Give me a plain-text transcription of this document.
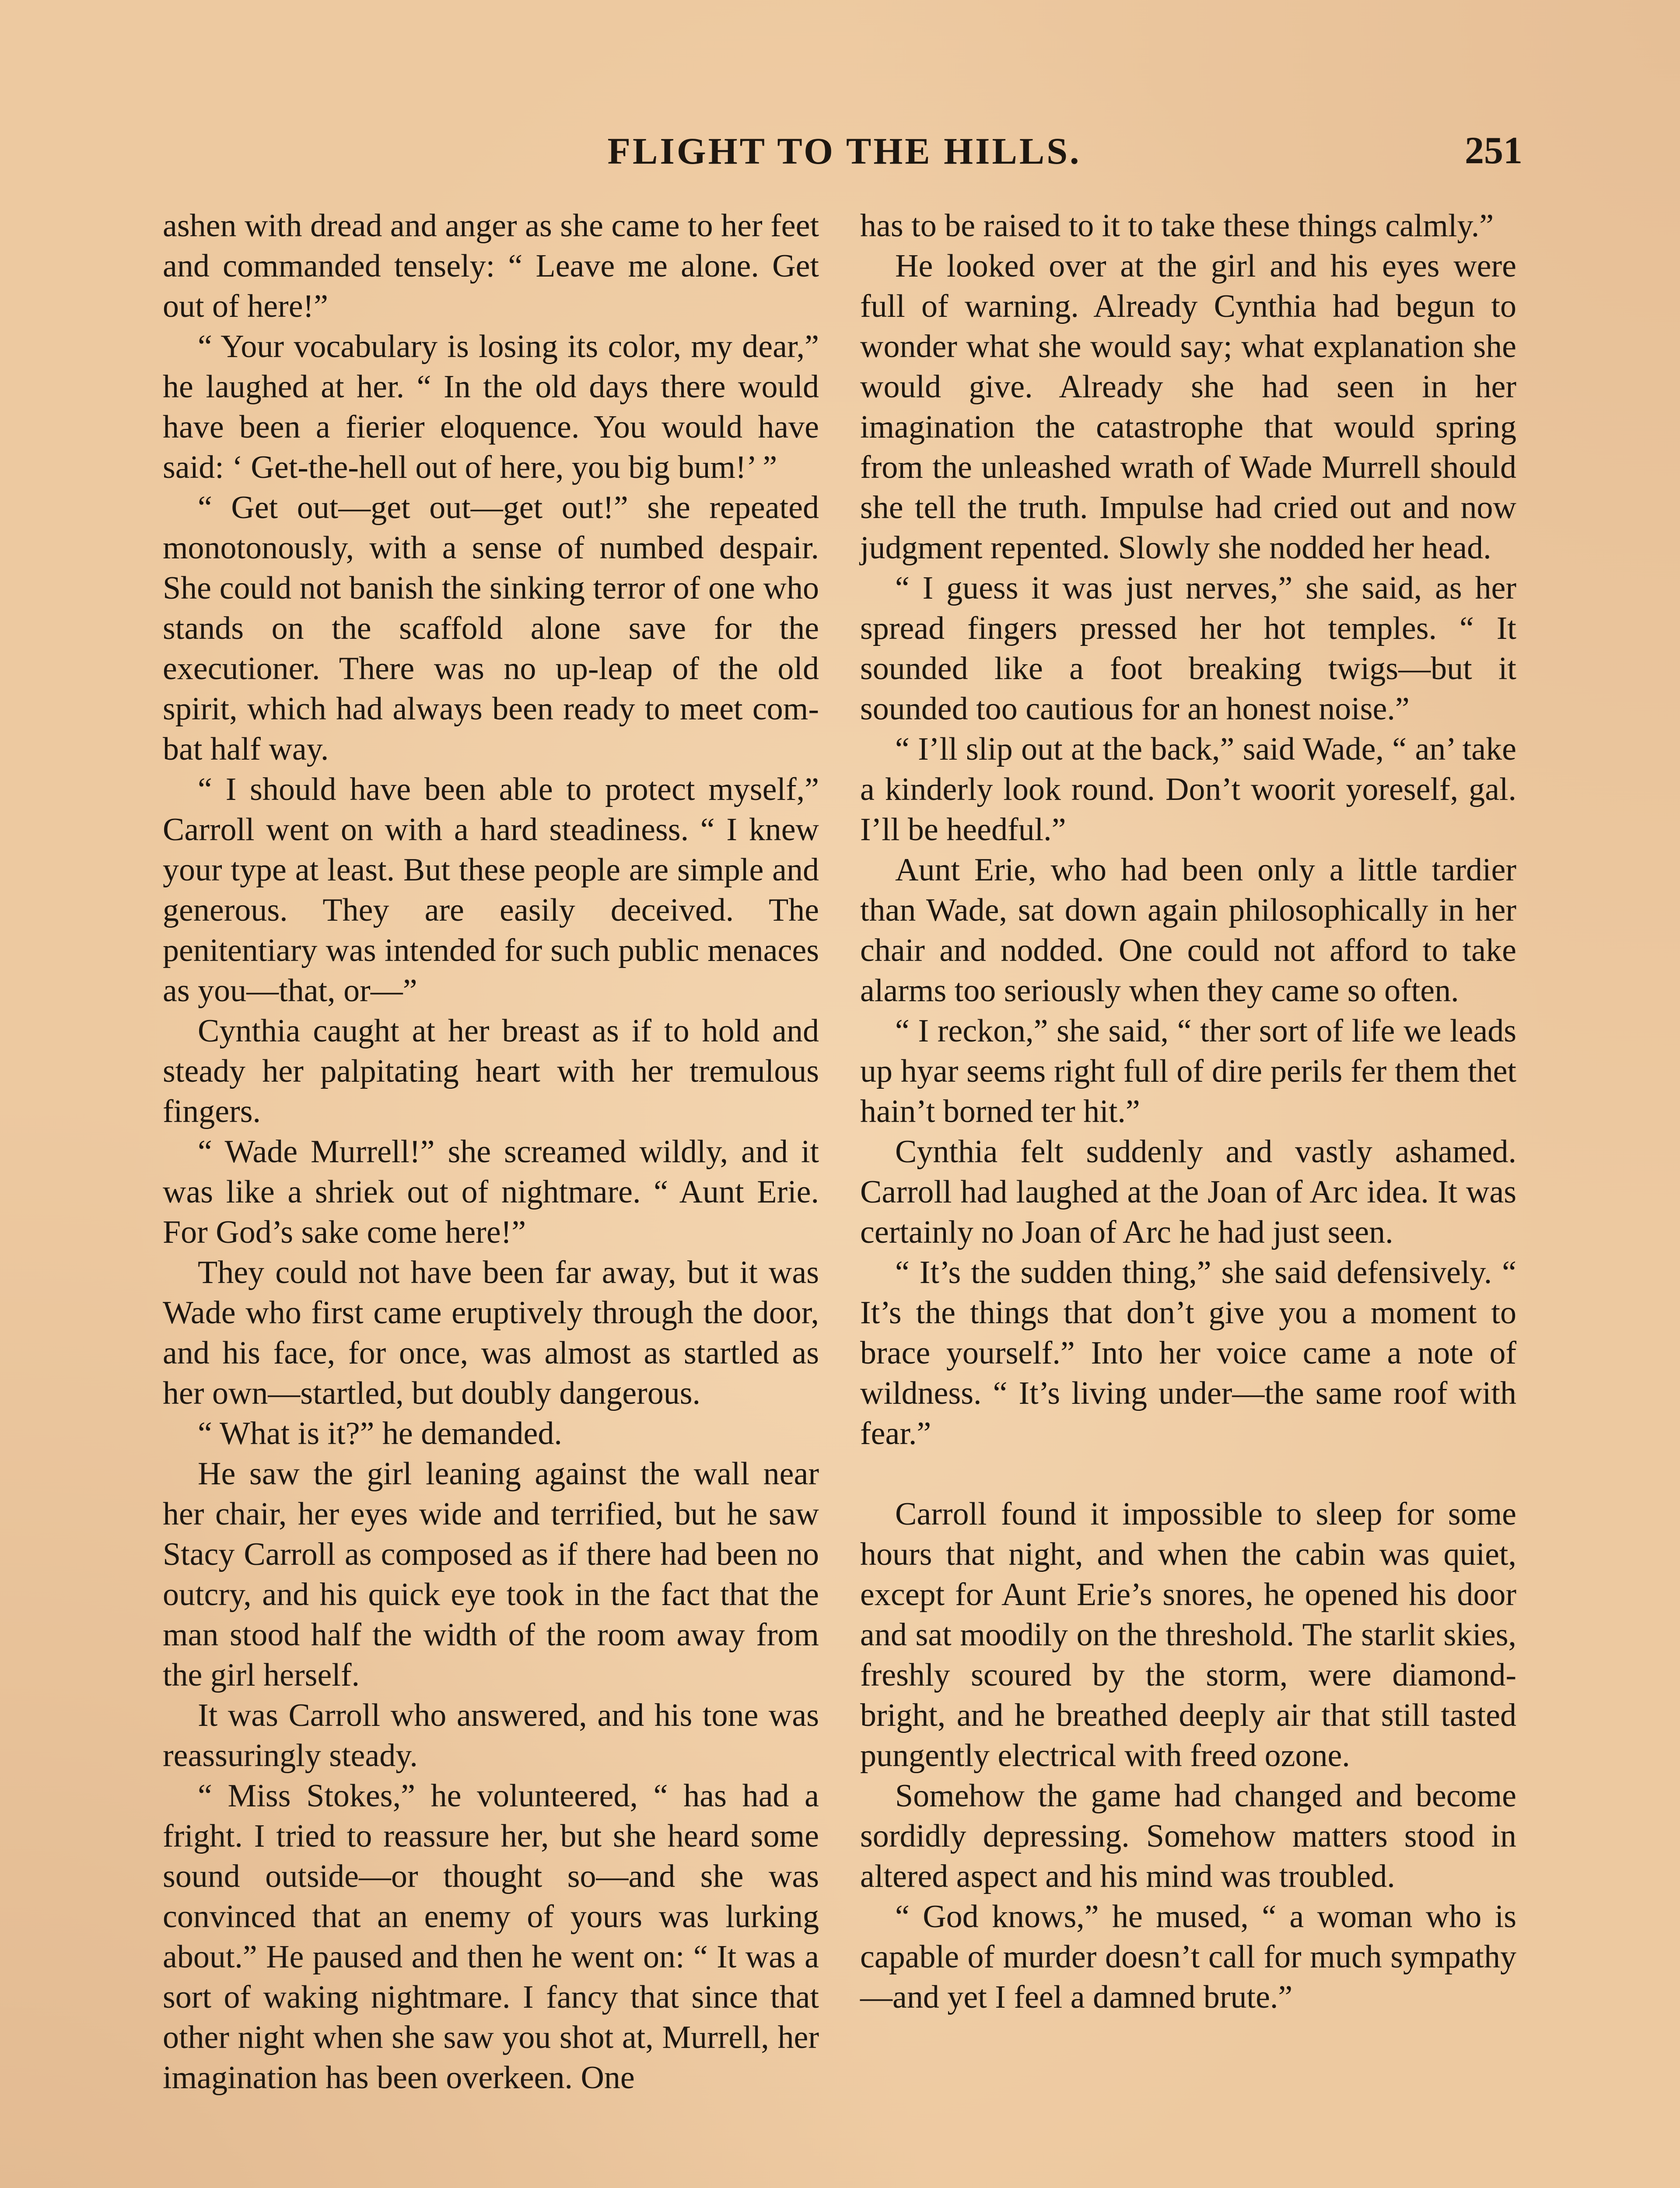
FLIGHT TO THE HILLS.	251

ashen with dread and anger as she came to her feet and commanded tensely: “ Leave me alone. Get out of here!”

“ Your vocabulary is losing its color, my dear,” he laughed at her. “ In the old days there would have been a fierier eloquence. You would have said: ‘ Get-the-hell out of here, you big bum!’ ”

“ Get out—get out—get out!” she repeated monotonously, with a sense of numbed despair. She could not banish the sinking terror of one who stands on the scaffold alone save for the executioner. There was no up-leap of the old spirit, which had always been ready to meet combat half way.

“ I should have been able to protect myself,” Carroll went on with a hard steadiness. “ I knew your type at least. But these people are simple and generous. They are easily deceived. The penitentiary was intended for such public menaces as you—that, or—”

Cynthia caught at her breast as if to hold and steady her palpitating heart with her tremulous fingers.

“ Wade Murrell!” she screamed wildly, and it was like a shriek out of nightmare. “ Aunt Erie. For God’s sake come here!”

They could not have been far away, but it was Wade who first came eruptively through the door, and his face, for once, was almost as startled as her own—startled, but doubly dangerous.

“ What is it?” he demanded.

He saw the girl leaning against the wall near her chair, her eyes wide and terrified, but he saw Stacy Carroll as composed as if there had been no outcry, and his quick eye took in the fact that the man stood half the width of the room away from the girl herself.

It was Carroll who answered, and his tone was reassuringly steady.

“ Miss Stokes,” he volunteered, “ has had a fright. I tried to reassure her, but she heard some sound outside—or thought so—and she was convinced that an enemy of yours was lurking about.” He paused and then he went on: “ It was a sort of waking nightmare. I fancy that since that other night when she saw you shot at, Murrell, her imagination has been overkeen. One

has to be raised to it to take these things calmly.”

He looked over at the girl and his eyes were full of warning. Already Cynthia had begun to wonder what she would say; what explanation she would give. Already she had seen in her imagination the catastrophe that would spring from the unleashed wrath of Wade Murrell should she tell the truth. Impulse had cried out and now judgment repented. Slowly she nodded her head.

“ I guess it was just nerves,” she said, as her spread fingers pressed her hot temples. “ It sounded like a foot breaking twigs—but it sounded too cautious for an honest noise.”

“ I’ll slip out at the back,” said Wade, “ an’ take a kinderly look round. Don’t woorit yoreself, gal. I’ll be heedful.”

Aunt Erie, who had been only a little tardier than Wade, sat down again philosophically in her chair and nodded. One could not afford to take alarms too seriously when they came so often.

“ I reckon,” she said, “ ther sort of life we leads up hyar seems right full of dire perils fer them thet hain’t borned ter hit.”

Cynthia felt suddenly and vastly ashamed. Carroll had laughed at the Joan of Arc idea. It was certainly no Joan of Arc he had just seen.

“ It’s the sudden thing,” she said defensively. “ It’s the things that don’t give you a moment to brace yourself.” Into her voice came a note of wildness. “ It’s living under—the same roof with fear.”

Carroll found it impossible to sleep for some hours that night, and when the cabin was quiet, except for Aunt Erie’s snores, he opened his door and sat moodily on the threshold. The starlit skies, freshly scoured by the storm, were diamond-bright, and he breathed deeply air that still tasted pungently electrical with freed ozone.

Somehow the game had changed and become sordidly depressing. Somehow matters stood in altered aspect and his mind was troubled.

“ God knows,” he mused, “ a woman who is capable of murder doesn’t call for much sympathy—and yet I feel a damned brute.”
